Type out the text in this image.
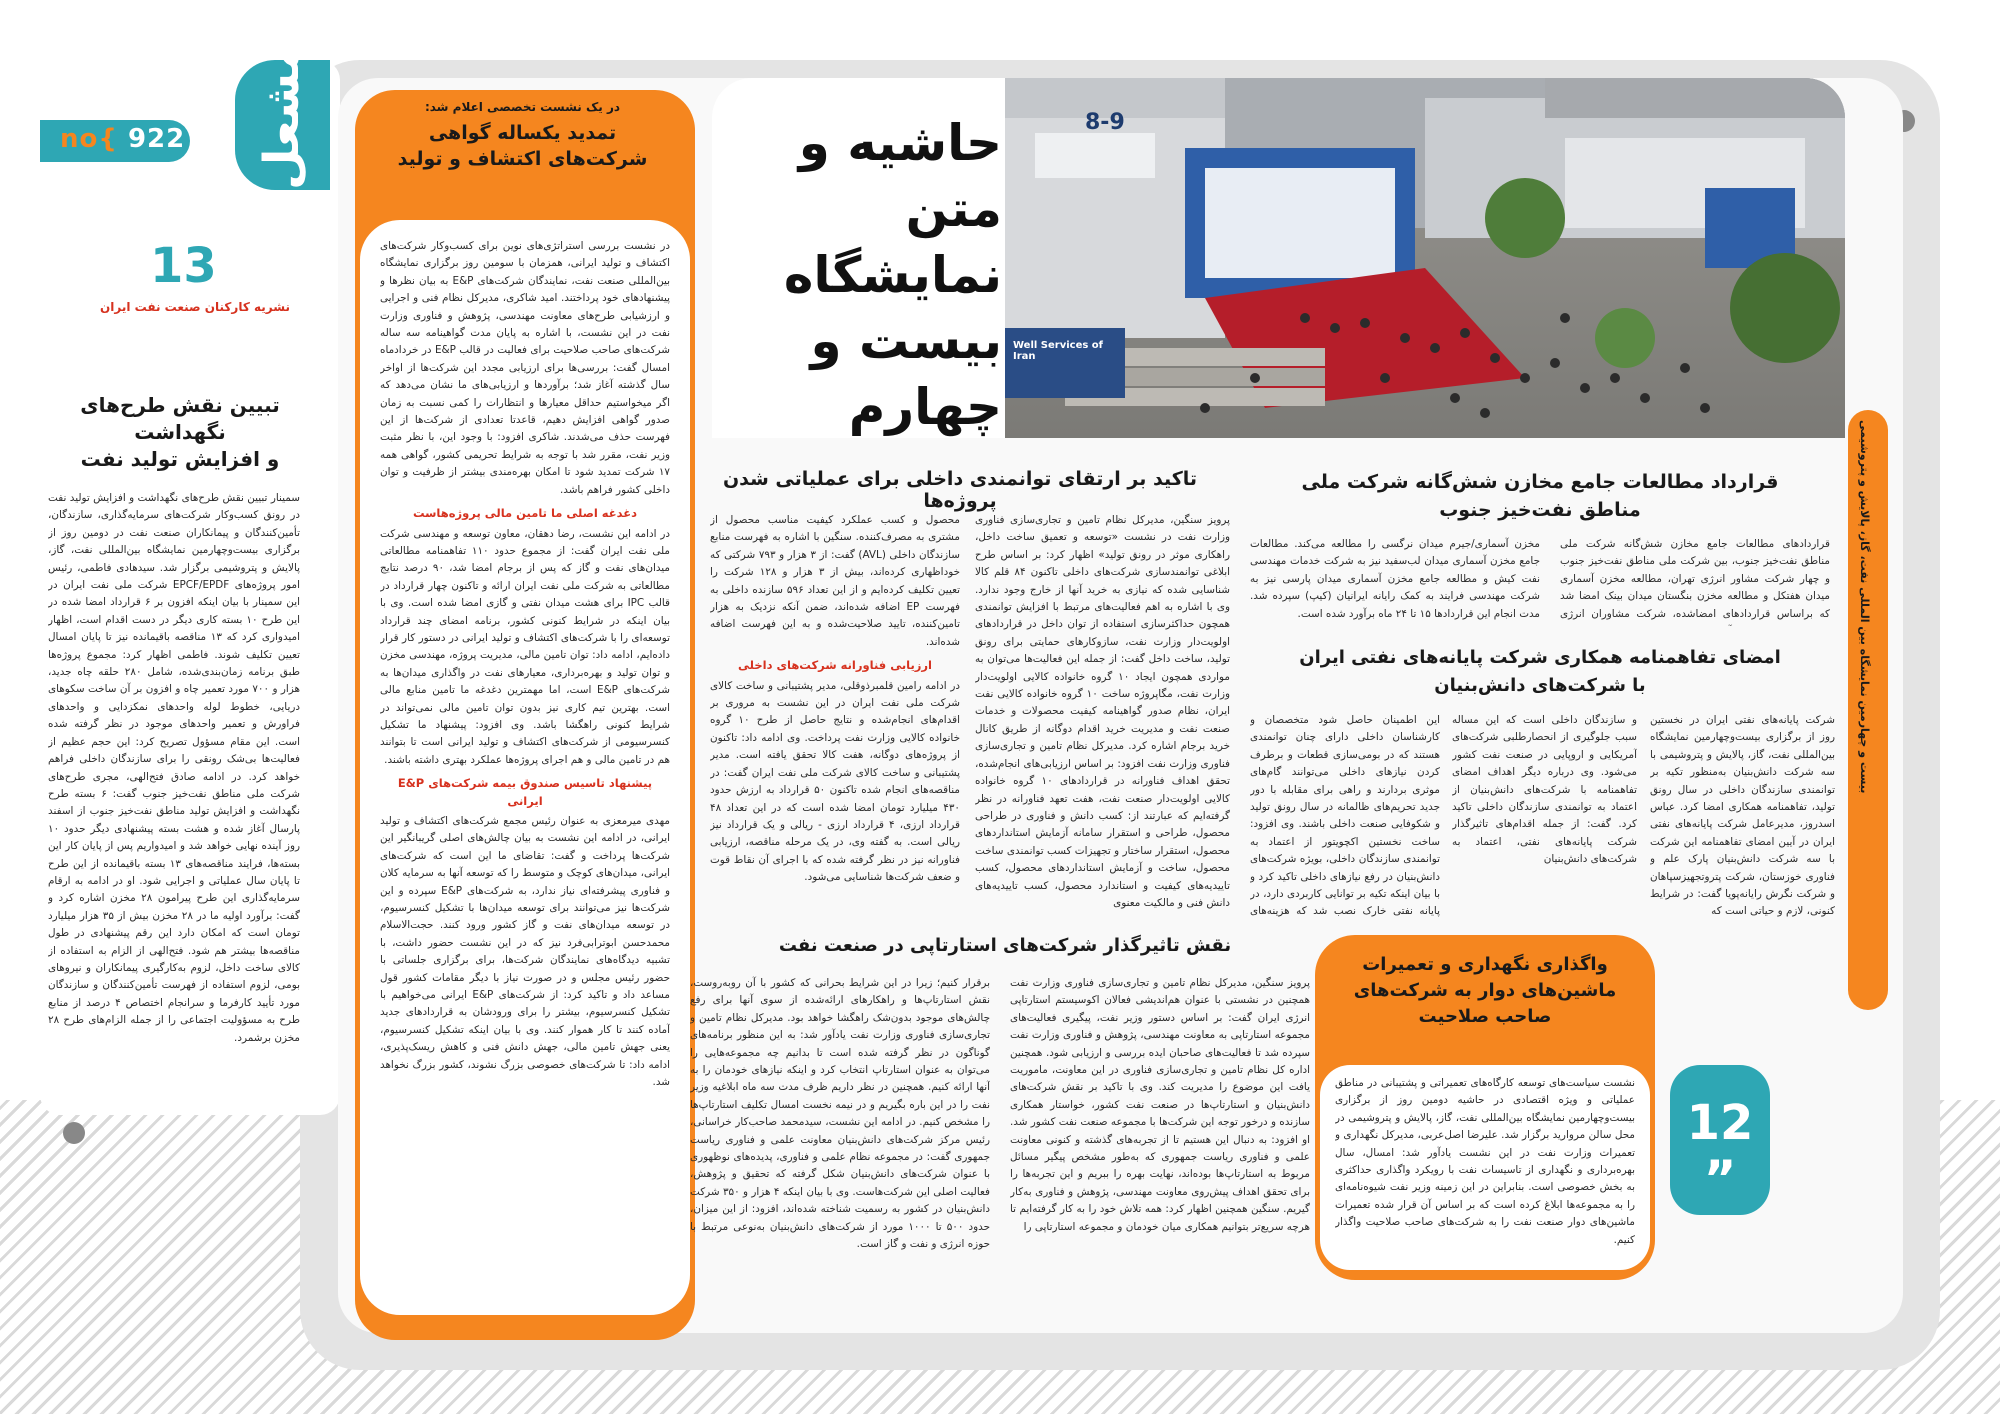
no{ 922	مشعل
13
نشریه کارکنان صنعت نفت ایران
تبیین نقش طرح‌های
نگهداشت
و افزایش تولید نفت
سمینار تبیین نقش طرح‌های نگهداشت و افزایش تولید نفت در رونق کسب‌وکار شرکت‌های سرمایه‌گذاری، سازندگان، تأمین‌کنندگان و پیمانکاران صنعت نفت در دومین روز از برگزاری بیست‌وچهارمین نمایشگاه بین‌المللی نفت، گاز، پالایش و پتروشیمی برگزار شد. سیدهادی فاطمی، رئیس امور پروژه‌های EPCF/EPDF شرکت ملی نفت ایران در این سمینار با بیان اینکه افزون بر ۶ قرارداد امضا شده در این طرح ۱۰ بسته کاری دیگر در دست اقدام است، اظهار امیدواری کرد که ۱۳ مناقصه باقیمانده نیز تا پایان امسال تعیین تکلیف شوند. فاطمی اظهار کرد: مجموع پروژه‌ها طبق برنامه زمان‌بندی‌شده، شامل ۲۸۰ حلقه چاه جدید، هزار و ۷۰۰ مورد تعمیر چاه و افزون بر آن ساخت سکوهای دریایی، خطوط لوله واحدهای نمکزدایی و واحدهای فراورش و تعمیر واحدهای موجود در نظر گرفته شده است. این مقام مسؤول تصریح کرد: این حجم عظیم از فعالیت‌ها بی‌شک رونقی را برای سازندگان داخلی فراهم خواهد کرد. در ادامه صادق فتح‌الهی، مجری طرح‌های شرکت ملی مناطق نفت‌خیز جنوب گفت: ۶ بسته طرح نگهداشت و افزایش تولید مناطق نفت‌خیز جنوب از اسفند پارسال آغاز شده و هشت بسته پیشنهادی دیگر حدود ۱۰ روز آینده نهایی خواهد شد و امیدواریم پس از پایان کار این بسته‌ها، فرایند مناقصه‌های ۱۳ بسته باقیمانده از این طرح تا پایان سال عملیاتی و اجرایی شود. او در ادامه به ارقام سرمایه‌گذاری این طرح پیرامون ۲۸ مخزن اشاره کرد و گفت: برآورد اولیه ما در ۲۸ مخزن بیش از ۳۵ هزار میلیارد تومان است که امکان دارد این رقم پیشنهادی در طول مناقصه‌ها بیشتر هم شود. فتح‌الهی از الزام به استفاده از کالای ساخت داخل، لزوم به‌کارگیری پیمانکاران و نیروهای بومی، لزوم استفاده از فهرست تأمین‌کنندگان و سازندگان مورد تأیید کارفرما و سرانجام اختصاص ۴ درصد از منابع طرح به مسؤولیت اجتماعی را از جمله الزام‌های طرح ۲۸ مخزن برشمرد.
در یک نشست تخصصی اعلام شد:
تمدید یکساله گواهی
شرکت‌های اکتشاف و تولید

در نشست بررسی استراتژی‌های نوین برای کسب‌وکار شرکت‌های اکتشاف و تولید ایرانی، همزمان با سومین روز برگزاری نمایشگاه بین‌المللی صنعت نفت، نمایندگان شرکت‌های E&P به بیان نظرها و پیشنهادهای خود پرداختند. امید شاکری، مدیرکل نظام فنی و اجرایی و ارزشیابی طرح‌های معاونت مهندسی، پژوهش و فناوری وزارت نفت در این نشست، با اشاره به پایان مدت گواهینامه سه ساله شرکت‌های صاحب صلاحیت برای فعالیت در قالب E&P در خردادماه امسال گفت: بررسی‌ها برای ارزیابی مجدد این شرکت‌ها از اواخر سال گذشته آغاز شد؛ برآوردها و ارزیابی‌های ما نشان می‌دهد که اگر میخواستیم حداقل معیارها و انتظارات را کمی نسبت به زمان صدور گواهی افزایش دهیم، قاعدتا تعدادی از شرکت‌ها از این فهرست حذف می‌شدند. شاکری افزود: با وجود این، با نظر مثبت وزیر نفت، مقرر شد با توجه به شرایط تحریمی کشور، گواهی همه ۱۷ شرکت تمدید شود تا امکان بهره‌مندی بیشتر از ظرفیت و توان داخلی کشور فراهم باشد.

دغدغه اصلی ما تامین مالی پروژه‌هاست

در ادامه این نشست، رضا دهقان، معاون توسعه و مهندسی شرکت ملی نفت ایران گفت: از مجموع حدود ۱۱۰ تفاهمنامه مطالعاتی میدان‌های نفت و گاز که پس از برجام امضا شد، ۹۰ درصد نتایج مطالعاتی به شرکت ملی نفت ایران ارائه و تاکنون چهار قرارداد در قالب IPC برای هشت میدان نفتی و گازی امضا شده است. وی با بیان اینکه در شرایط کنونی کشور، برنامه امضای چند قرارداد توسعه‌ای را با شرکت‌های اکتشاف و تولید ایرانی در دستور کار قرار داده‌ایم، ادامه داد: توان تامین مالی، مدیریت پروژه، مهندسی مخزن و توان تولید و بهره‌برداری، معیارهای نفت در واگذاری میدان‌ها به شرکت‌های E&P است، اما مهمترین دغدغه ما تامین منابع مالی است. بهترین تیم کاری نیز بدون توان تامین مالی نمی‌تواند در شرایط کنونی راهگشا باشد. وی افزود: پیشنهاد ما تشکیل کنسرسیومی از شرکت‌های اکتشاف و تولید ایرانی است تا بتوانند هم در تامین مالی و هم اجرای پروژه‌ها عملکرد بهتری داشته باشند.

پیشنهاد تاسیس صندوق بیمه شرکت‌های E&P ایرانی

مهدی میرمعزی به عنوان رئیس مجمع شرکت‌های اکتشاف و تولید ایرانی، در ادامه این نشست به بیان چالش‌های اصلی گریبانگیر این شرکت‌ها پرداخت و گفت: تقاضای ما این است که شرکت‌های ایرانی، میدان‌های کوچک و متوسط را که توسعه آنها به سرمایه کلان و فناوری پیشرفته‌ای نیاز ندارد، به شرکت‌های E&P سپرده و این شرکت‌ها نیز می‌توانند برای توسعه میدان‌ها با تشکیل کنسرسیوم، در توسعه میدان‌های نفت و گاز کشور ورود کنند. حجت‌الاسلام محمدحسن ابوترابی‌فرد نیز که در این نشست حضور داشت، با تشبیه دیدگاه‌های نمایندگان شرکت‌ها، برای برگزاری جلساتی با حضور رئیس مجلس و در صورت نیاز با دیگر مقامات کشور قول مساعد داد و تاکید کرد: از شرکت‌های E&P ایرانی می‌خواهیم با تشکیل کنسرسیوم، بیشتر را برای ورودشان به قراردادهای جدید آماده کنند تا کار هموار کنند. وی با بیان اینکه تشکیل کنسرسیوم، یعنی جهش تامین مالی، جهش دانش فنی و کاهش ریسک‌پذیری، ادامه داد: تا شرکت‌های خصوصی بزرگ نشوند، کشور بزرگ نخواهد شد.

حاشیه و متن
نمایشگاه
بیست و
چهارم
8-9
Well Services of Iran
بیست و چهارمین نمایشگاه بین المللی نفت، گاز، پالایش و پتروشیمی
تاکید بر ارتقای توانمندی داخلی برای عملیاتی شدن پروژه‌ها
پرویز سنگین، مدیرکل نظام تامین و تجاری‌سازی فناوری وزارت نفت در نشست «توسعه و تعمیق ساخت داخل، راهکاری موثر در رونق تولید» اظهار کرد: بر اساس طرح ابلاغی توانمندسازی شرکت‌های داخلی تاکنون ۸۴ قلم کالا شناسایی شده که نیازی به خرید آنها از خارج وجود ندارد. وی با اشاره به اهم فعالیت‌های مرتبط با افزایش توانمندی همچون حداکثرسازی استفاده از توان داخل در قراردادهای اولویت‌دار وزارت نفت، سازوکارهای حمایتی برای رونق تولید، ساخت داخل گفت: از جمله این فعالیت‌ها می‌توان به مواردی همچون ایجاد ۱۰ گروه خانواده کالایی اولویت‌دار وزارت نفت، مگاپروژه ساخت ۱۰ گروه خانواده کالایی نفت ایران، نظام صدور گواهینامه کیفیت محصولات و خدمات صنعت نفت و مدیریت خرید اقدام دوگانه از طریق کانال خرید برجام اشاره کرد. مدیرکل نظام تامین و تجاری‌سازی فناوری وزارت نفت افزود: بر اساس ارزیابی‌های انجام‌شده، تحقق اهداف فناورانه در قراردادهای ۱۰ گروه خانواده کالایی اولویت‌دار صنعت نفت، هفت تعهد فناورانه در نظر گرفته‌ایم که عبارتند از: کسب دانش و فناوری در طراحی محصول، طراحی و استقرار سامانه آزمایش استانداردهای محصول، استقرار ساختار و تجهیزات کسب توانمندی ساخت محصول، ساخت و آزمایش استانداردهای محصول، کسب تاییدیه‌های کیفیت و استاندارد محصول، کسب تاییدیه‌های دانش فنی و مالکیت معنوی

محصول و کسب عملکرد کیفیت مناسب محصول از مشتری به مصرف‌کننده. سنگین با اشاره به فهرست منابع سازندگان داخلی (AVL) گفت: از ۳ هزار و ۷۹۳ شرکتی که خوداظهاری کرده‌اند، بیش از ۳ هزار و ۱۲۸ شرکت را تعیین تکلیف کرده‌ایم و از این تعداد ۵۹۶ سازنده داخلی به فهرست EP اضافه شده‌اند، ضمن آنکه نزدیک به هزار تامین‌کننده، تایید صلاحیت‌شده و به این فهرست اضافه شده‌اند.

ارزیابی فناورانه شرکت‌های داخلی

در ادامه رامین قلمبرذوقلی، مدیر پشتیبانی و ساخت کالای شرکت ملی نفت ایران در این نشست به مروری بر اقدام‌های انجام‌شده و نتایج حاصل از طرح ۱۰ گروه خانواده کالایی وزارت نفت پرداخت. وی ادامه داد: تاکنون از پروژه‌های دوگانه، هفت کالا تحقق یافته است. مدیر پشتیبانی و ساخت کالای شرکت ملی نفت ایران گفت: در مناقصه‌های انجام شده تاکنون ۵۰ قرارداد به ارزش حدود ۴۳۰ میلیارد تومان امضا شده است که در این تعداد ۴۸ قرارداد ارزی، ۴ قرارداد ارزی - ریالی و یک قرارداد نیز ریالی است. به گفته وی، در یک مرحله مناقصه، ارزیابی فناورانه نیز در نظر گرفته شده که با اجرای آن نقاط قوت و ضعف شرکت‌ها شناسایی می‌شود.

قرارداد مطالعات جامع مخازن شش‌گانه شرکت ملی
مناطق نفت‌خیز جنوب
قراردادهای مطالعات جامع مخازن شش‌گانه شرکت ملی مناطق نفت‌خیز جنوب، بین شرکت ملی مناطق نفت‌خیز جنوب و چهار شرکت مشاور انرژی تهران، مطالعه مخزن آسماری میدان هفتکل و مطالعه مخزن بنگستان میدان بینک امضا شد که براساس قراردادهای امضاشده، شرکت مشاوران انرژی
مخزن آسماری/جیرم میدان نرگسی را مطالعه می‌کند. مطالعات جامع مخزن آسماری میدان لب‌سفید نیز به شرکت خدمات مهندسی نفت کیش و مطالعه جامع مخزن آسماری میدان پارسی نیز به شرکت مهندسی فرایند به کمک رایانه ایرانیان (کیپ) سپرده شد. مدت انجام این قراردادها ۱۵ تا ۲۴ ماه برآورد شده است.
امضای تفاهمنامه همکاری شرکت پایانه‌های نفتی ایران
با شرکت‌های دانش‌بنیان
شرکت پایانه‌های نفتی ایران در نخستین روز از برگزاری بیست‌وچهارمین نمایشگاه بین‌المللی نفت، گاز، پالایش و پتروشیمی با سه شرکت دانش‌بنیان به‌منظور تکیه بر توانمندی سازندگان داخلی در سال رونق تولید، تفاهمنامه همکاری امضا کرد. عباس اسدروز، مدیرعامل شرکت پایانه‌های نفتی ایران در آیین امضای تفاهمنامه این شرکت با سه شرکت دانش‌بنیان پارک علم و فناوری خوزستان، شرکت پتروتجهیزسپاهان و شرکت نگرش رایانه‌پویا گفت: در شرایط کنونی، لازم و حیاتی است که
و سازندگان داخلی است که این مساله سبب جلوگیری از انحصارطلبی شرکت‌های آمریکایی و اروپایی در صنعت نفت کشور می‌شود. وی درباره دیگر اهداف امضای تفاهمنامه با شرکت‌های دانش‌بنیان از اعتماد به توانمندی سازندگان داخلی تاکید کرد. گفت: از جمله اقدام‌های تاثیرگذار شرکت پایانه‌های نفتی، اعتماد به شرکت‌های دانش‌بنیان
این اطمینان حاصل شود متخصصان و کارشناسان داخلی دارای چنان توانمندی هستند که در بومی‌سازی قطعات و برطرف کردن نیازهای داخلی می‌توانند گام‌های موثری بردارند و راهی برای مقابله با دور جدید تحریم‌های ظالمانه در سال رونق تولید و شکوفایی صنعت داخلی باشند. وی افزود: ساخت نخستین اکچویتور از اعتماد به توانمندی سازندگان داخلی، بویژه شرکت‌های دانش‌بنیان در رفع نیازهای داخلی تاکید کرد و با بیان اینکه تکیه بر توانایی کاربردی دارد، در پایانه نفتی خارک نصب شد که هزینه‌های
نقش تاثیرگذار شرکت‌های استارتاپی در صنعت نفت
پرویز سنگین، مدیرکل نظام تامین و تجاری‌سازی فناوری وزارت نفت همچنین در نشستی با عنوان هم‌اندیشی فعالان اکوسیستم استارتاپی انرژی ایران گفت: بر اساس دستور وزیر نفت، پیگیری فعالیت‌های مجموعه استارتاپی به معاونت مهندسی، پژوهش و فناوری وزارت نفت سپرده شد تا فعالیت‌های صاحبان ایده بررسی و ارزیابی شود. همچنین اداره کل نظام تامین و تجاری‌سازی فناوری در این معاونت، ماموریت یافت این موضوع را مدیریت کند. وی با تاکید بر نقش شرکت‌های دانش‌بنیان و استارتاپ‌ها در صنعت نفت کشور، خواستار همکاری سازنده و درخور توجه این شرکت‌ها با مجموعه صنعت نفت کشور شد. او افزود: به دنبال این هستیم تا از تجربه‌های گذشته و کنونی معاونت علمی و فناوری ریاست جمهوری که به‌طور مشخص پیگیر مسائل مربوط به استارتاپ‌ها بوده‌اند، نهایت بهره را ببریم و این تجربه‌ها را برای تحقق اهداف پیش‌روی معاونت مهندسی، پژوهش و فناوری به‌کار گیریم. سنگین همچنین اظهار کرد: همه تلاش خود را به کار گرفته‌ایم تا هرچه سریع‌تر بتوانیم همکاری میان خودمان و مجموعه استارتاپی را
برقرار کنیم؛ زیرا در این شرایط بحرانی که کشور با آن روبه‌روست، نقش استارتاپ‌ها و راهکارهای ارائه‌شده از سوی آنها برای رفع چالش‌های موجود بدون‌شک راهگشا خواهد بود. مدیرکل نظام تامین و تجاری‌سازی فناوری وزارت نفت یادآور شد: به این منظور برنامه‌های گوناگون در نظر گرفته شده است تا بدانیم چه مجموعه‌هایی را می‌توان به عنوان استارتاپ انتخاب کرد و اینکه نیازهای خودمان را به آنها ارائه کنیم. همچنین در نظر داریم ظرف مدت سه ماه ابلاغیه وزیر نفت را در این باره بگیریم و در نیمه نخست امسال تکلیف استارتاپ‌ها را مشخص کنیم. در ادامه این نشست، سیدمحمد صاحب‌کار خراسانی، رئیس مرکز شرکت‌های دانش‌بنیان معاونت علمی و فناوری ریاست جمهوری گفت: در مجموعه نظام علمی و فناوری، پدیده‌های نوظهوری با عنوان شرکت‌های دانش‌بنیان شکل گرفته که تحقیق و پژوهش، فعالیت اصلی این شرکت‌هاست. وی با بیان اینکه ۴ هزار و ۳۵۰ شرکت دانش‌بنیان در کشور به رسمیت شناخته شده‌اند، افزود: از این میزان، حدود ۵۰۰ تا ۱۰۰۰ مورد از شرکت‌های دانش‌بنیان به‌نوعی مرتبط با حوزه انرژی و نفت و گاز است.
واگذاری نگهداری و تعمیرات
ماشین‌های دوار به شرکت‌های
صاحب صلاحیت
نشست سیاست‌های توسعه کارگاه‌های تعمیراتی و پشتیبانی در مناطق عملیاتی و ویژه اقتصادی در حاشیه دومین روز از برگزاری بیست‌وچهارمین نمایشگاه بین‌المللی نفت، گاز، پالایش و پتروشیمی در محل سالن مروارید برگزار شد. علیرضا اصل‌عربی، مدیرکل نگهداری و تعمیرات وزارت نفت در این نشست یادآور شد: امسال، سال بهره‌برداری و نگهداری از تاسیسات نفت با رویکرد واگذاری حداکثری به بخش خصوصی است. بنابراین در این زمینه وزیر نفت شیوه‌نامه‌ای را به مجموعه‌ها ابلاغ کرده است که بر اساس آن قرار شده تعمیرات ماشین‌های دوار صنعت نفت را به شرکت‌های صاحب صلاحیت واگذار کنیم.
12
”
